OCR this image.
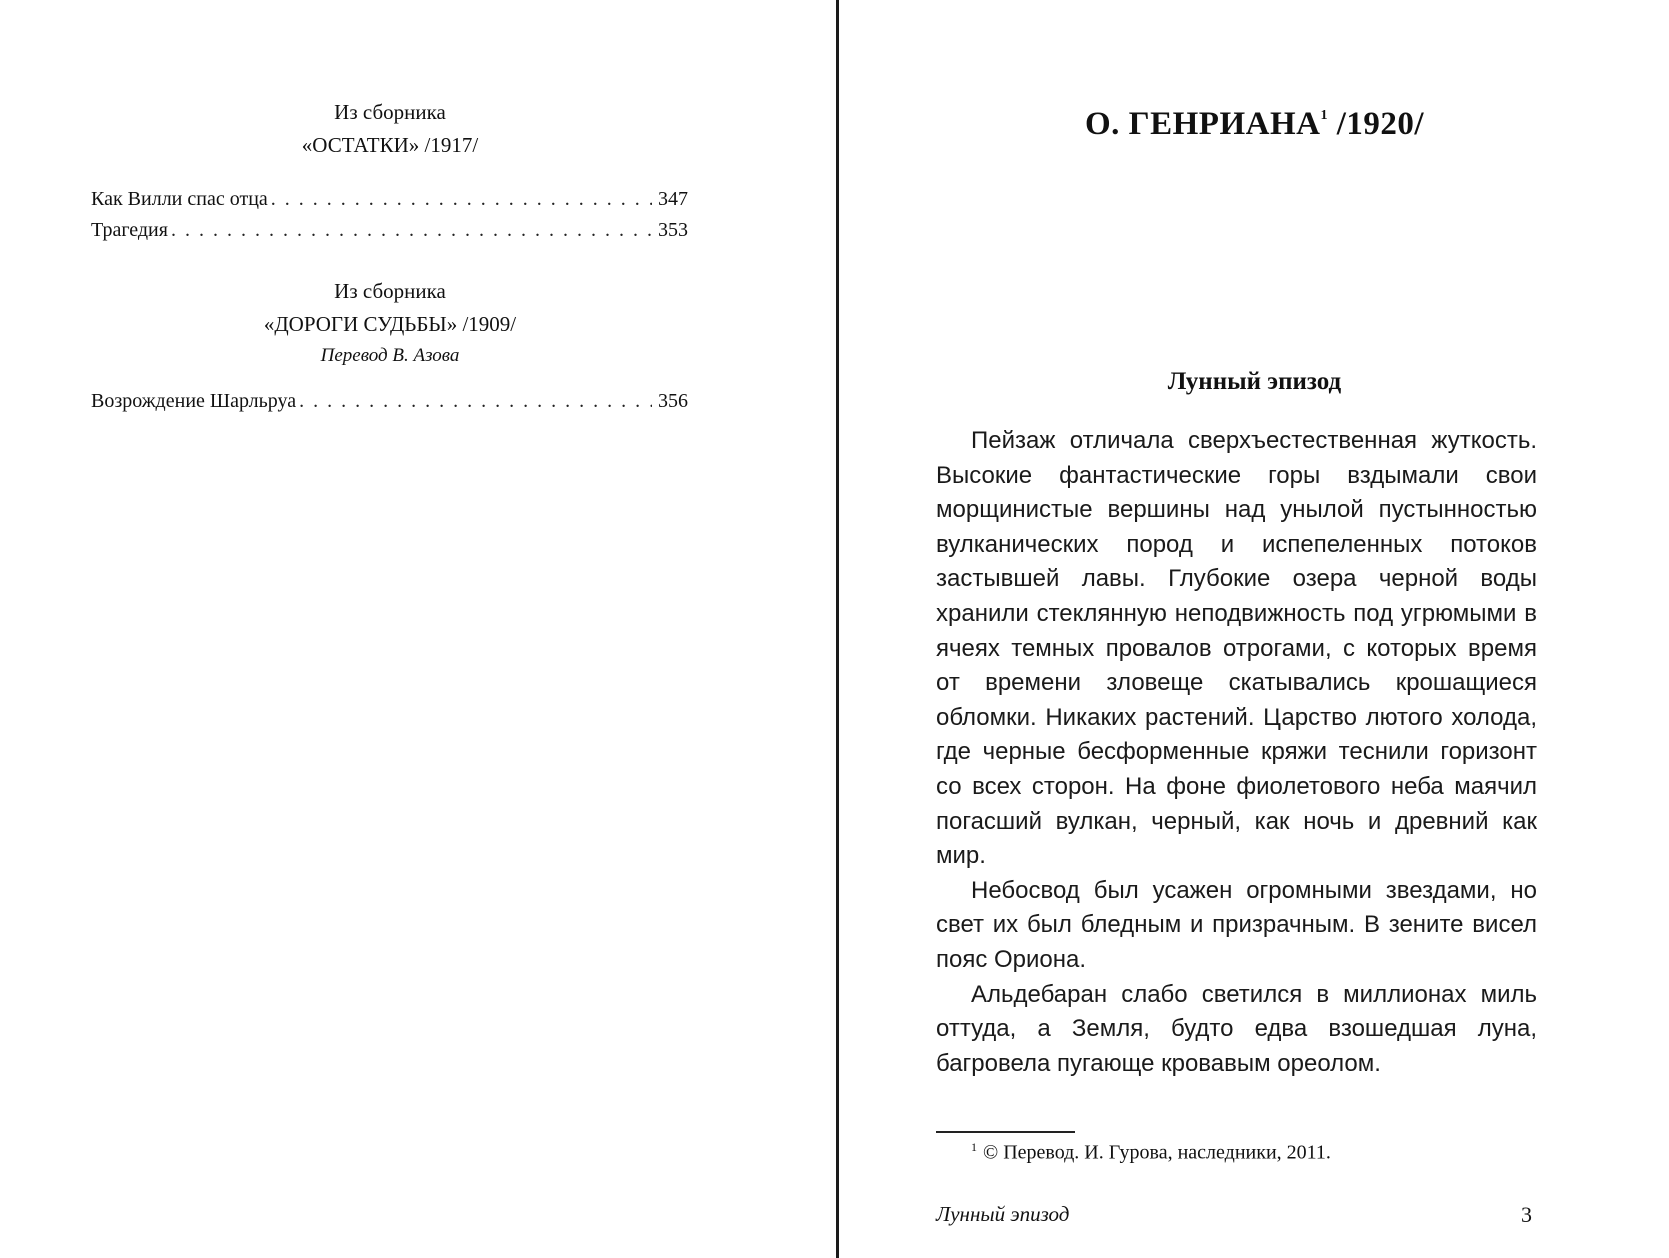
Из сборника
«ОСТАТКИ» /1917/
Как Вилли спас отца . . .	347
Трагедия . . .	353
Из сборника
«ДОРОГИ СУДЬБЫ» /1909/
Перевод В. Азова
Возрождение Шарльруа . . .	356
О. ГЕНРИАНА$^1$ /1920/
Лунный эпизод

Пейзаж отличала сверхъестественная жуткость. Высокие фантастические горы вздымали свои морщинистые вершины над унылой пустынностью вулканических пород и испепеленных потоков застывшей лавы. Глубокие озера черной воды хранили стеклянную неподвижность под угрюмыми в ячеях темных провалов отрогами, с которых время от времени зловеще скатывались крошащиеся обломки. Никаких растений. Царство лютого холода, где черные бесформенные кряжи теснили горизонт со всех сторон. На фоне фиолетового неба маячил погасший вулкан, черный, как ночь и древний как мир.

Небосвод был усажен огромными звездами, но свет их был бледным и призрачным. В зените висел пояс Ориона.

Альдебаран слабо светился в миллионах миль оттуда, а Земля, будто едва взошедшая луна, багровела пугающе кровавым ореолом.

$^1$ © Перевод. И. Гурова, наследники, 2011.
Лунный эпизод	3
